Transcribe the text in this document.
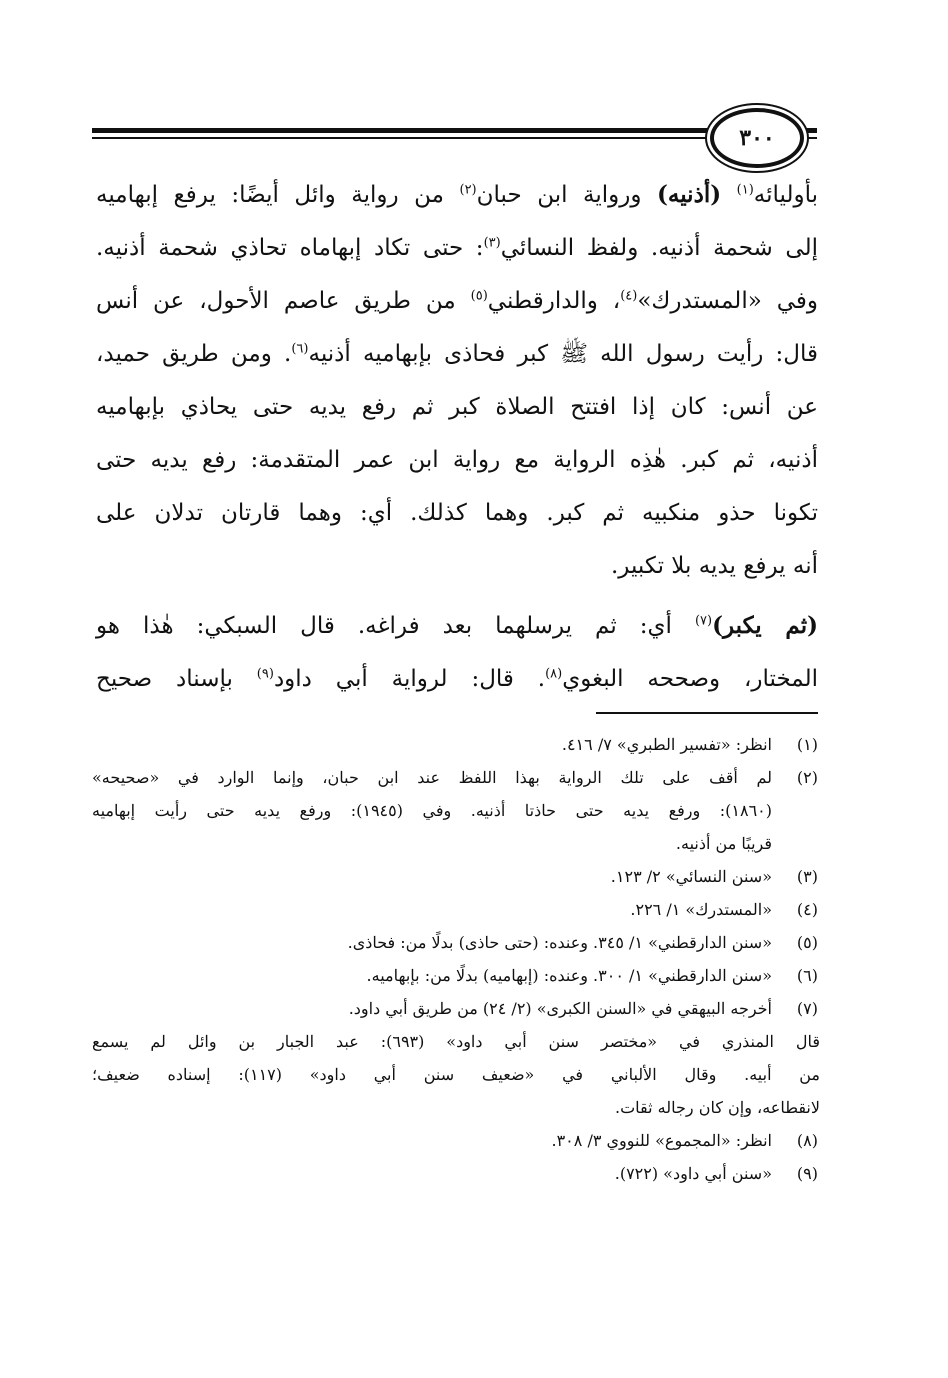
٣٠٠

بأوليائه$^{(١)}$ (أذنيه) ورواية ابن حبان$^{(٢)}$ من رواية وائل أيضًا: يرفع إبهاميه
إلى شحمة أذنيه. ولفظ النسائي$^{(٣)}$: حتى تكاد إبهاماه تحاذي شحمة أذنيه.
وفي «المستدرك»$^{(٤)}$، والدارقطني$^{(٥)}$ من طريق عاصم الأحول، عن أنس
قال: رأيت رسول الله ﷺ كبر فحاذى بإبهاميه أذنيه$^{(٦)}$. ومن طريق حميد،
عن أنس: كان إذا افتتح الصلاة كبر ثم رفع يديه حتى يحاذي بإبهاميه
أذنيه، ثم كبر. هٰذِه الرواية مع رواية ابن عمر المتقدمة: رفع يديه حتى
تكونا حذو منكبيه ثم كبر. وهما كذلك. أي: وهما قارتان تدلان على
أنه يرفع يديه بلا تكبير.

(ثم يكبر)$^{(٧)}$ أي: ثم يرسلهما بعد فراغه. قال السبكي: هٰذا هو
المختار، وصححه البغوي$^{(٨)}$. قال: لرواية أبي داود$^{(٩)}$ بإسناد صحيح

(١)
انظر: «تفسير الطبري» ٧/ ٤١٦.
(٢)
لم أقف على تلك الرواية بهذا اللفظ عند ابن حبان، وإنما الوارد في «صحيحه»
(١٨٦٠): ورفع يديه حتى حاذتا أذنيه. وفي (١٩٤٥): ورفع يديه حتى رأيت إبهاميه
قريبًا من أذنيه.
(٣)
«سنن النسائي» ٢/ ١٢٣.
(٤)
«المستدرك» ١/ ٢٢٦.
(٥)
«سنن الدارقطني» ١/ ٣٤٥. وعنده: (حتى حاذى) بدلًا من: فحاذى.
(٦)
«سنن الدارقطني» ١/ ٣٠٠. وعنده: (إبهاميه) بدلًا من: بإبهاميه.
(٧)
أخرجه البيهقي في «السنن الكبرى» (٢/ ٢٤) من طريق أبي داود.
قال المنذري في «مختصر سنن أبي داود» (٦٩٣): عبد الجبار بن وائل لم يسمع
من أبيه. وقال الألباني في «ضعيف سنن أبي داود» (١١٧): إسناده ضعيف؛
لانقطاعه، وإن كان رجاله ثقات.
(٨)
انظر: «المجموع» للنووي ٣/ ٣٠٨.
(٩)
«سنن أبي داود» (٧٢٢).
